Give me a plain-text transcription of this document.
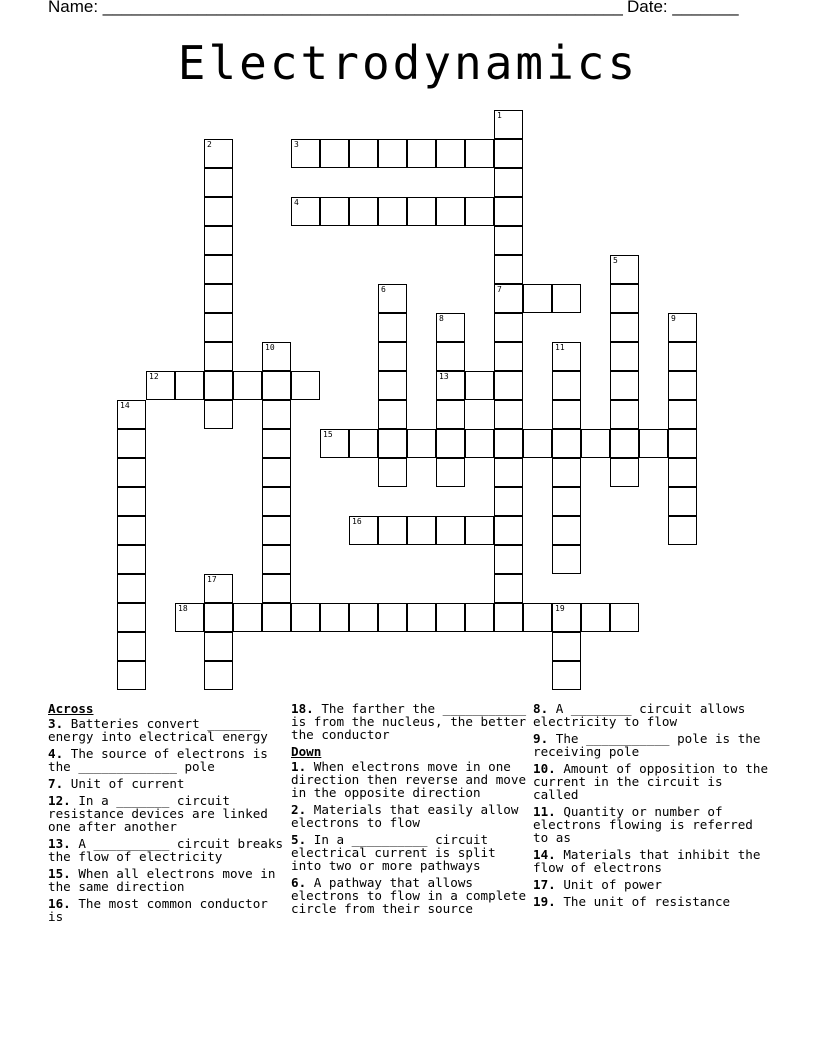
Name: _______________________________________________________ Date: _______
Electrodynamics
1
7
2	3
4
5
6
8
13
9
10	11
12
14
15
16
17
18	19
Across
3. Batteries convert _______ energy into electrical energy
4. The source of electrons is the _____________ pole
7. Unit of current
12. In a _______ circuit resistance devices are linked one after another
13. A __________ circuit breaks the flow of electricity
15. When all electrons move in the same direction
16. The most common conductor is
18. The farther the ___________ is from the nucleus, the better the conductor
Down
1. When electrons move in one direction then reverse and move in the opposite direction
2. Materials that easily allow electrons to flow
5. In a __________ circuit electrical current is split into two or more pathways
6. A pathway that allows electrons to flow in a complete circle from their source
8. A ________ circuit allows electricity to flow
9. The ___________ pole is the receiving pole
10. Amount of opposition to the current in the circuit is called
11. Quantity or number of electrons flowing is referred to as
14. Materials that inhibit the flow of electrons
17. Unit of power
19. The unit of resistance
